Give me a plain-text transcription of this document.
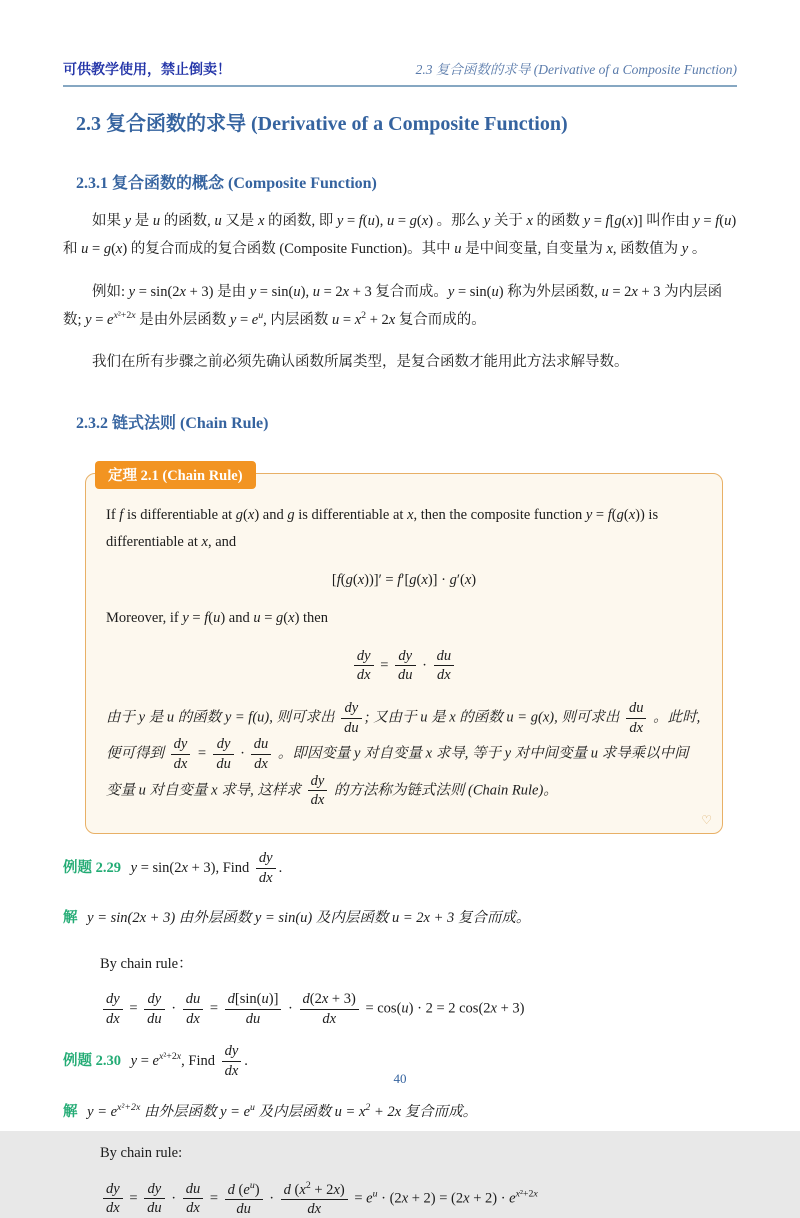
可供教学使用，禁止倒卖！	2.3 复合函数的求导 (Derivative of a Composite Function)
2.3 复合函数的求导 (Derivative of a Composite Function)
2.3.1 复合函数的概念 (Composite Function)

如果 y 是 u 的函数, u 又是 x 的函数, 即 y = f(u), u = g(x) 。那么 y 关于 x 的函数 y = f[g(x)] 叫作由 y = f(u) 和 u = g(x) 的复合而成的复合函数 (Composite Function)。其中 u 是中间变量, 自变量为 x, 函数值为 y 。

例如: y = sin(2x + 3) 是由 y = sin(u), u = 2x + 3 复合而成。y = sin(u) 称为外层函数, u = 2x + 3 为内层函数; $y = e^{x^2+2x}$ 是由外层函数 $y = e^u$, 内层函数 $u = x^2 + 2x$ 复合而成的。

我们在所有步骤之前必须先确认函数所属类型，是复合函数才能用此方法求解导数。

2.3.2 链式法则 (Chain Rule)
定理 2.1 (Chain Rule)

If f is differentiable at g(x) and g is differentiable at x, then the composite function y = f(g(x)) is differentiable at x, and

[f(g(x))]′ = f′[g(x)] · g′(x)

Moreover, if y = f(u) and u = g(x) then

$\frac{dy}{dx} = \frac{dy}{du} \cdot \frac{du}{dx}$

由于 y 是 u 的函数 y = f(u), 则可求出 $\frac{dy}{du}$ ; 又由于 u 是 x 的函数 u = g(x), 则可求出 $\frac{du}{dx}$ 。此时, 便可得到 $\frac{dy}{dx} = \frac{dy}{du} \cdot \frac{du}{dx}$ 。即因变量 y 对自变量 x 求导, 等于 y 对中间变量 u 求导乘以中间变量 u 对自变量 x 求导, 这样求 $\frac{dy}{dx}$ 的方法称为链式法则 (Chain Rule)。

♡

例题 2.29 y = sin(2x + 3), Find $\frac{dy}{dx}$ .

解 y = sin(2x + 3) 由外层函数 y = sin(u) 及内层函数 u = 2x + 3 复合而成。

By chain rule：

$\frac{dy}{dx} = \frac{dy}{du} \cdot \frac{du}{dx} = \frac{d[\sin(u)]}{du} \cdot \frac{d(2x + 3)}{dx} = \cos(u) \cdot 2 = 2$ cos(2x + 3)

例题 2.30 $y = e^{x^2+2x}$, Find $\frac{dy}{dx}$ .

解 $y = e^{x^2+2x}$ 由外层函数 $y = e^u$ 及内层函数 $u = x^2 + 2x$ 复合而成。

By chain rule:

$\frac{dy}{dx} = \frac{dy}{du} \cdot \frac{du}{dx} = \frac{d (e^u)}{du} \cdot \frac{d (x^2 + 2x)}{dx} = e^u \cdot (2x + 2) = (2x + 2) \cdot e^{x^2+2x}$
40
